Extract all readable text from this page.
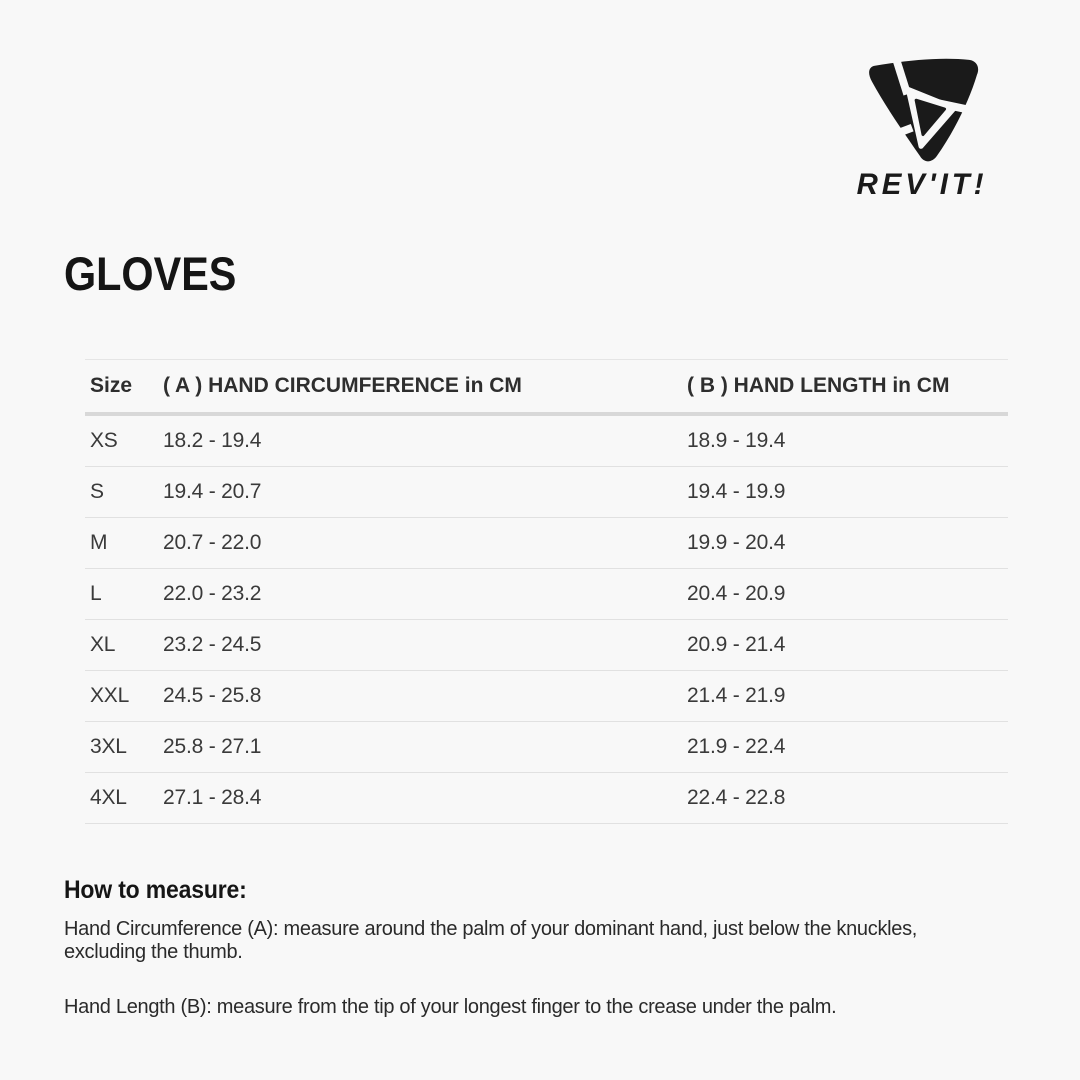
REV'IT!
GLOVES
Size	( A ) HAND CIRCUMFERENCE in CM	( B ) HAND LENGTH in CM
XS	18.2 - 19.4	18.9 - 19.4
S	19.4 - 20.7	19.4 - 19.9
M	20.7 - 22.0	19.9 - 20.4
L	22.0 - 23.2	20.4 - 20.9
XL	23.2 - 24.5	20.9 - 21.4
XXL	24.5 - 25.8	21.4 - 21.9
3XL	25.8 - 27.1	21.9 - 22.4
4XL	27.1 - 28.4	22.4 - 22.8
How to measure:

Hand Circumference (A): measure around the palm of your dominant hand, just below the knuckles, excluding the thumb.

Hand Length (B): measure from the tip of your longest finger to the crease under the palm.
